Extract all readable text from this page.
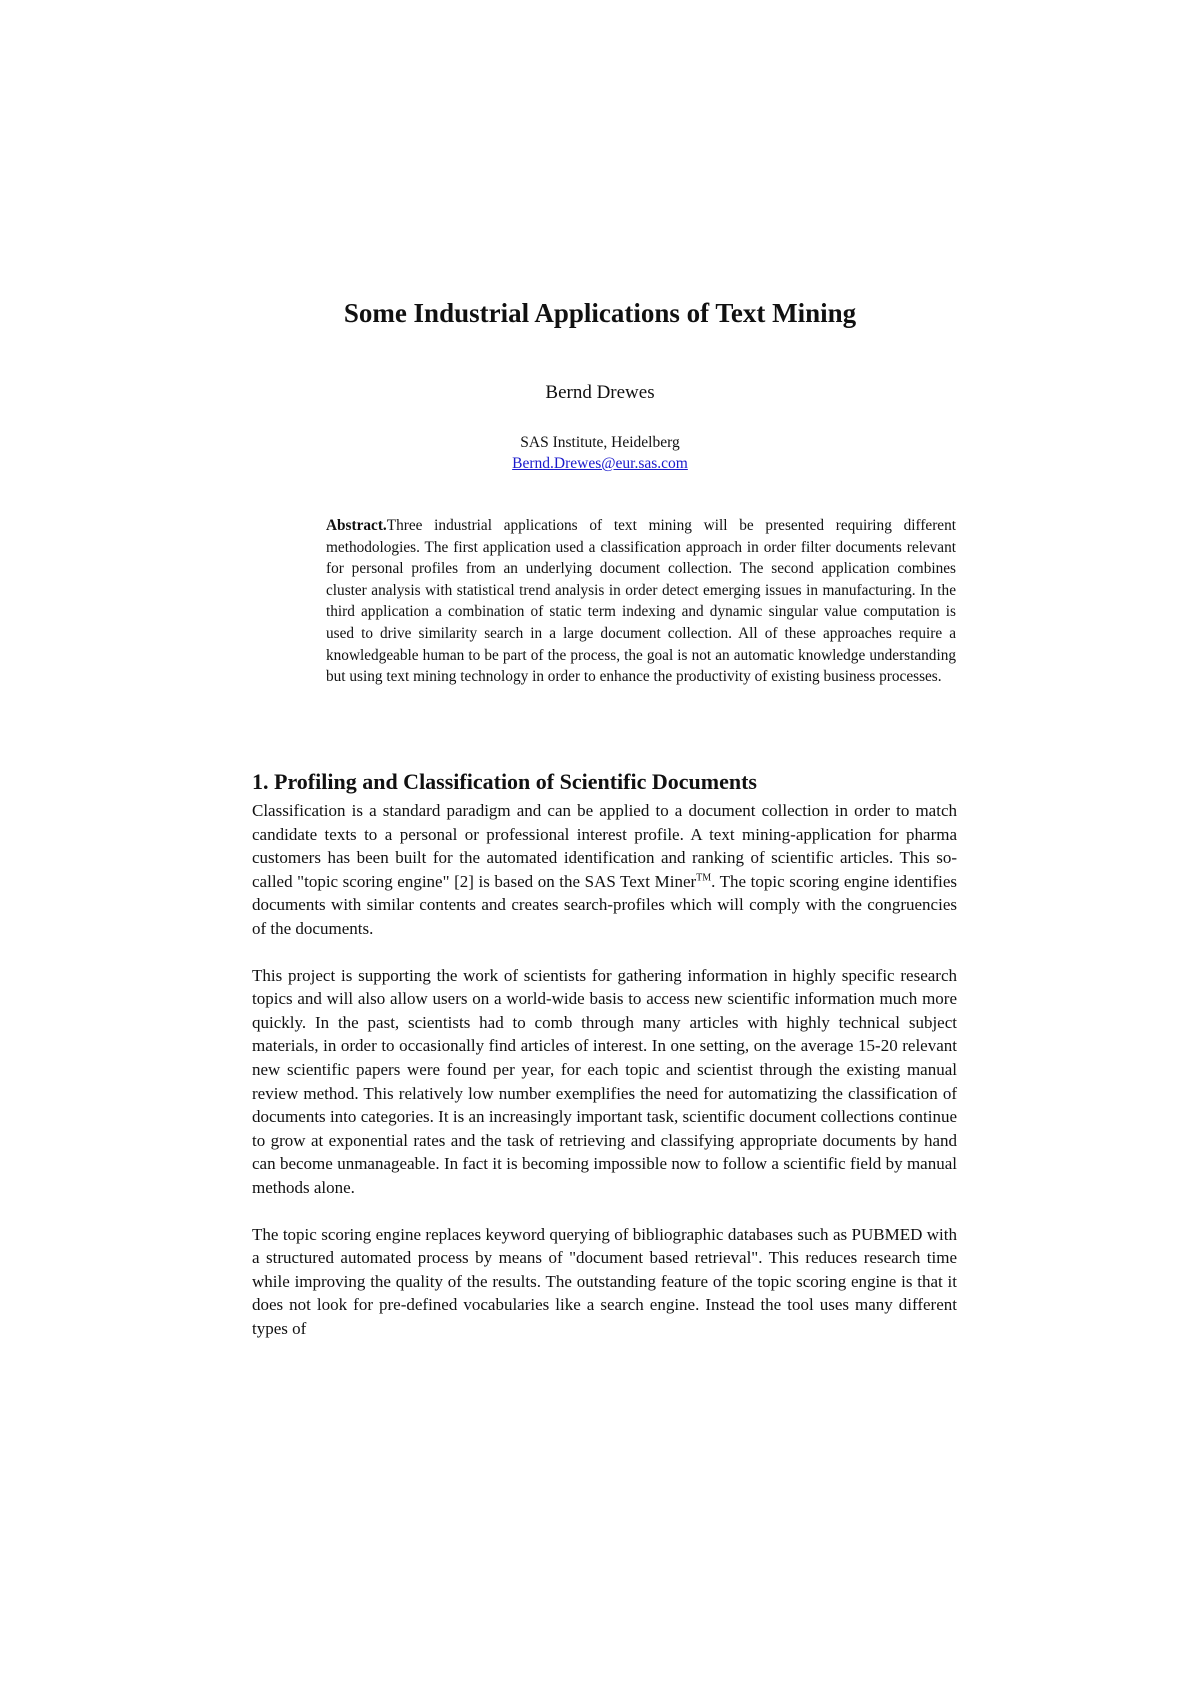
Some Industrial Applications of Text Mining
Bernd Drewes
SAS Institute, Heidelberg
Bernd.Drewes@eur.sas.com
Abstract.Three industrial applications of text mining will be presented requiring different methodologies. The first application used a classification approach in order filter documents relevant for personal profiles from an underlying document collection. The second application combines cluster analysis with statistical trend analysis in order detect emerging issues in manufacturing. In the third application a combination of static term indexing and dynamic singular value computation is used to drive similarity search in a large document collection. All of these approaches require a knowledgeable human to be part of the process, the goal is not an automatic knowledge understanding but using text mining technology in order to enhance the productivity of existing business processes.
1. Profiling and Classification of Scientific Documents

Classification is a standard paradigm and can be applied to a document collection in order to match candidate texts to a personal or professional interest profile. A text mining-application for pharma customers has been built for the automated identification and ranking of scientific articles. This so-called "topic scoring engine" [2] is based on the SAS Text Miner™. The topic scoring engine identifies documents with similar contents and creates search-profiles which will comply with the congruencies of the documents.

This project is supporting the work of scientists for gathering information in highly specific research topics and will also allow users on a world-wide basis to access new scientific information much more quickly. In the past, scientists had to comb through many articles with highly technical subject materials, in order to occasionally find articles of interest. In one setting, on the average 15-20 relevant new scientific papers were found per year, for each topic and scientist through the existing manual review method. This relatively low number exemplifies the need for automatizing the classification of documents into categories. It is an increasingly important task, scientific document collections continue to grow at exponential rates and the task of retrieving and classifying appropriate documents by hand can become unmanageable. In fact it is becoming impossible now to follow a scientific field by manual methods alone.

The topic scoring engine replaces keyword querying of bibliographic databases such as PUBMED with a structured automated process by means of "document based retrieval". This reduces research time while improving the quality of the results. The outstanding feature of the topic scoring engine is that it does not look for pre-defined vocabularies like a search engine. Instead the tool uses many different types of
